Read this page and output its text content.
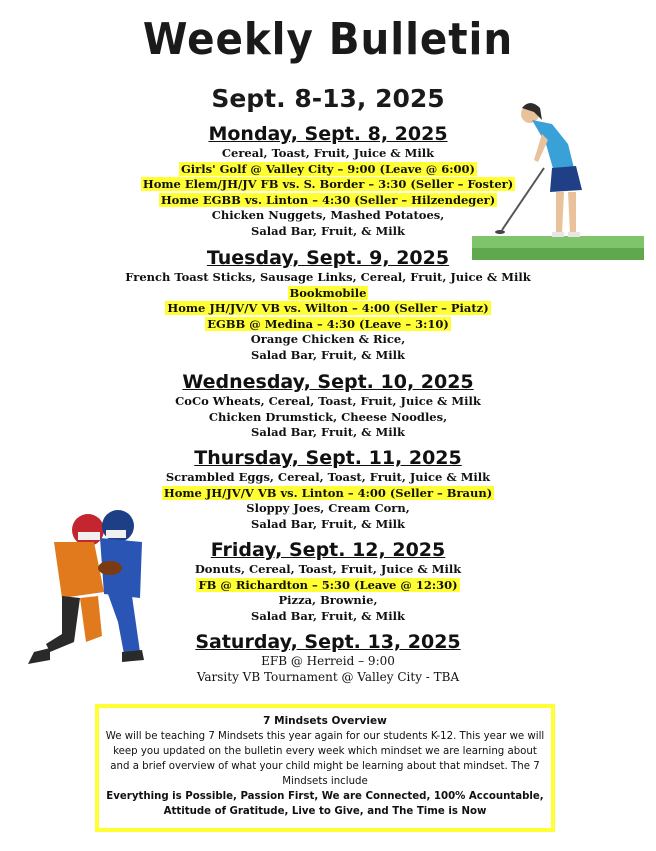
Weekly Bulletin
Sept. 8-13, 2025
Monday, Sept. 8, 2025
Cereal, Toast, Fruit, Juice & Milk
Girls' Golf @ Valley City – 9:00 (Leave @ 6:00)
Home Elem/JH/JV FB vs. S. Border – 3:30 (Seller – Foster)
Home EGBB vs. Linton – 4:30 (Seller – Hilzendeger)
Chicken Nuggets, Mashed Potatoes,
Salad Bar, Fruit, & Milk
Tuesday, Sept. 9, 2025
French Toast Sticks, Sausage Links, Cereal, Fruit, Juice & Milk
Bookmobile
Home JH/JV/V VB vs. Wilton – 4:00 (Seller – Piatz)
EGBB @ Medina – 4:30 (Leave – 3:10)
Orange Chicken & Rice,
Salad Bar, Fruit, & Milk
Wednesday, Sept. 10, 2025
CoCo Wheats, Cereal, Toast, Fruit, Juice & Milk
Chicken Drumstick, Cheese Noodles,
Salad Bar, Fruit, & Milk
Thursday, Sept. 11, 2025
Scrambled Eggs, Cereal, Toast, Fruit, Juice & Milk
Home JH/JV/V VB vs. Linton – 4:00 (Seller – Braun)
Sloppy Joes, Cream Corn,
Salad Bar, Fruit, & Milk
Friday, Sept. 12, 2025
Donuts, Cereal, Toast, Fruit, Juice & Milk
FB @ Richardton – 5:30 (Leave @ 12:30)
Pizza, Brownie,
Salad Bar, Fruit, & Milk
Saturday, Sept. 13, 2025
EFB @ Herreid – 9:00
Varsity VB Tournament @ Valley City - TBA
7 Mindsets Overview
We will be teaching 7 Mindsets this year again for our students K-12. This year we will keep you updated on the bulletin every week which mindset we are learning about and a brief overview of what your child might be learning about that mindset. The 7 Mindsets include
Everything is Possible, Passion First, We are Connected, 100% Accountable, Attitude of Gratitude, Live to Give, and The Time is Now
